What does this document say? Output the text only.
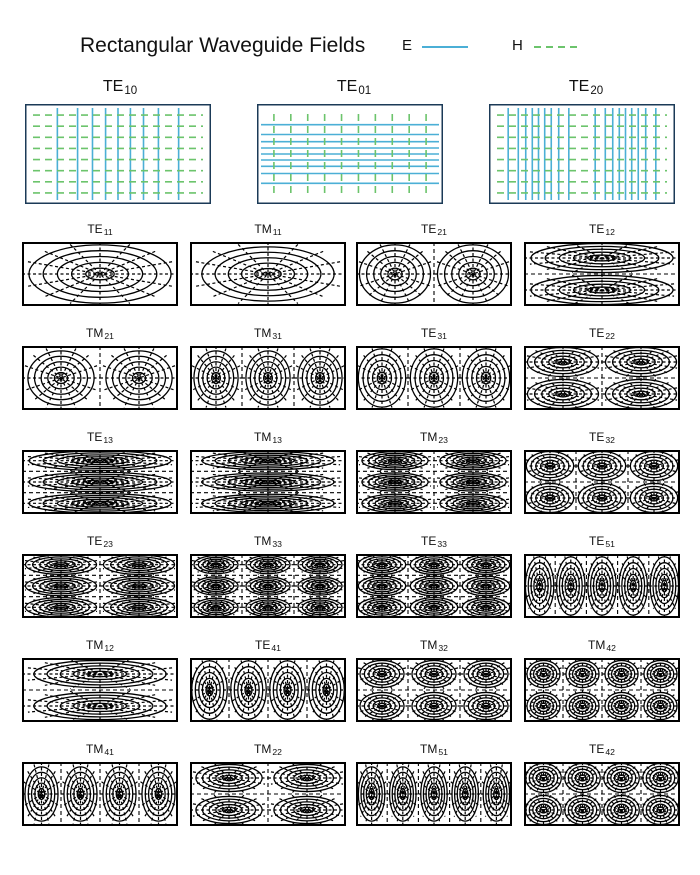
Rectangular Waveguide Fields E	H
$TE_{10}$	$TE_{01}$	$TE_{20}$
$TE_{11}$	$TM_{11}$	$TE_{21}$	$TE_{12}$
$TM_{21}$	$TM_{31}$	$TE_{31}$	$TE_{22}$
$TE_{13}$	$TM_{13}$	$TM_{23}$	$TE_{32}$
$TE_{23}$	$TM_{33}$	$TE_{33}$	$TE_{51}$
$TM_{12}$	$TE_{41}$	$TM_{32}$	$TM_{42}$
$TM_{41}$	$TM_{22}$	$TM_{51}$	$TE_{42}$
